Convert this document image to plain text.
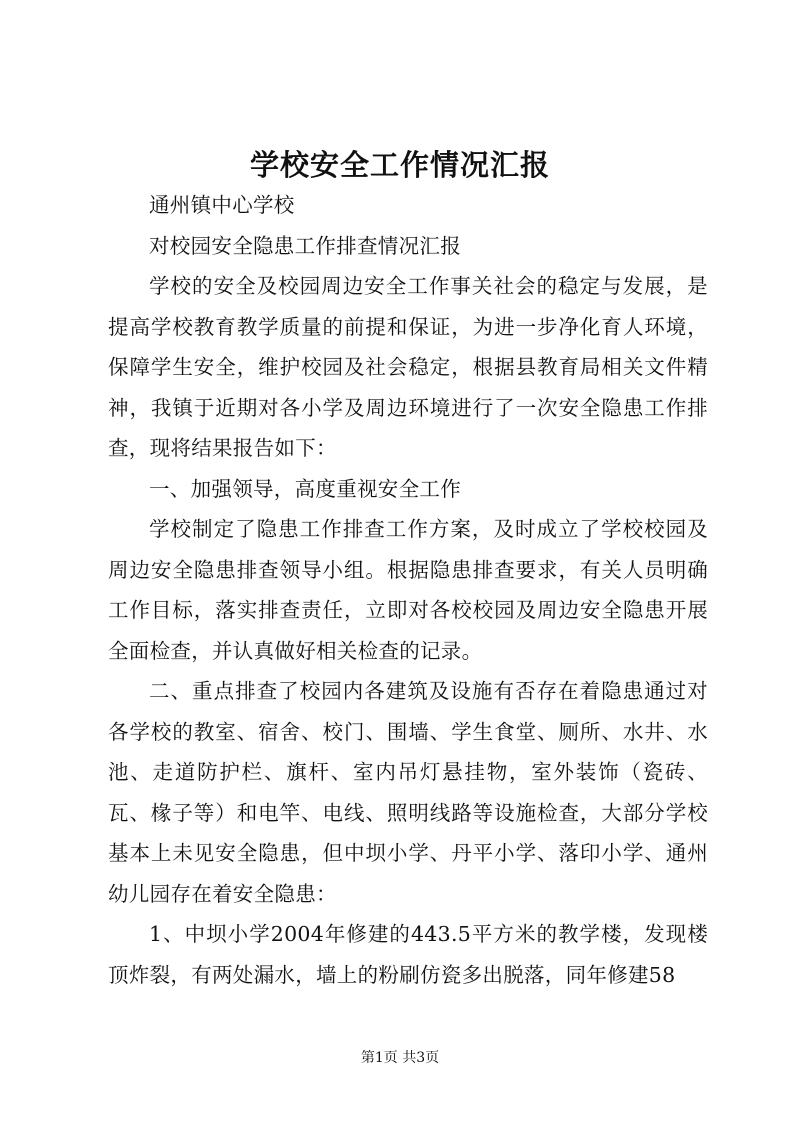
学校安全工作情况汇报

通州镇中心学校

对校园安全隐患工作排查情况汇报

学校的安全及校园周边安全工作事关社会的稳定与发展，是提高学校教育教学质量的前提和保证，为进一步净化育人环境，保障学生安全，维护校园及社会稳定，根据县教育局相关文件精神，我镇于近期对各小学及周边环境进行了一次安全隐患工作排查，现将结果报告如下：

一、加强领导，高度重视安全工作

学校制定了隐患工作排查工作方案，及时成立了学校校园及周边安全隐患排查领导小组。根据隐患排查要求，有关人员明确工作目标，落实排查责任，立即对各校校园及周边安全隐患开展全面检查，并认真做好相关检查的记录。

二、重点排查了校园内各建筑及设施有否存在着隐患通过对各学校的教室、宿舍、校门、围墙、学生食堂、厕所、水井、水池、走道防护栏、旗杆、室内吊灯悬挂物，室外装饰（瓷砖、瓦、椽子等）和电竿、电线、照明线路等设施检查，大部分学校基本上未见安全隐患，但中坝小学、丹平小学、落印小学、通州幼儿园存在着安全隐患：

1、中坝小学2004年修建的443.5平方米的教学楼，发现楼顶炸裂，有两处漏水，墙上的粉刷仿瓷多出脱落，同年修建58

第1页 共3页
